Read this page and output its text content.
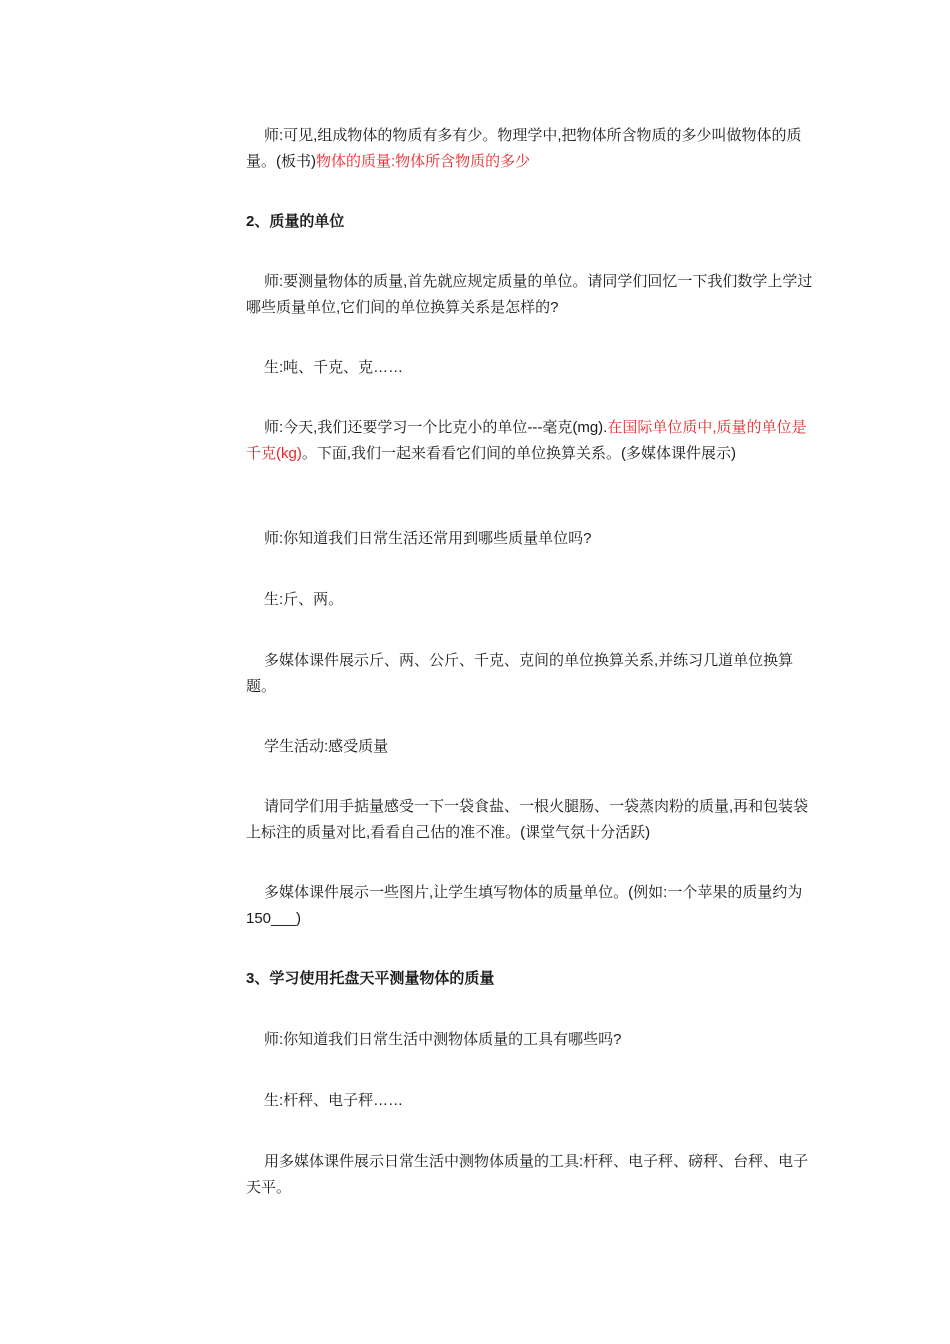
师:可见,组成物体的物质有多有少。物理学中,把物体所含物质的多少叫做物体的质量。(板书)物体的质量:物体所含物质的多少

2、质量的单位

师:要测量物体的质量,首先就应规定质量的单位。请同学们回忆一下我们数学上学过哪些质量单位,它们间的单位换算关系是怎样的?

生:吨、千克、克……

师:今天,我们还要学习一个比克小的单位---毫克(mg).在国际单位质中,质量的单位是千克(kg)。下面,我们一起来看看它们间的单位换算关系。(多媒体课件展示)

师:你知道我们日常生活还常用到哪些质量单位吗?

生:斤、两。

多媒体课件展示斤、两、公斤、千克、克间的单位换算关系,并练习几道单位换算题。

学生活动:感受质量

请同学们用手掂量感受一下一袋食盐、一根火腿肠、一袋蒸肉粉的质量,再和包装袋上标注的质量对比,看看自己估的准不准。(课堂气氛十分活跃)

多媒体课件展示一些图片,让学生填写物体的质量单位。(例如:一个苹果的质量约为 150___)

3、学习使用托盘天平测量物体的质量

师:你知道我们日常生活中测物体质量的工具有哪些吗?

生:杆秤、电子秤……

用多媒体课件展示日常生活中测物体质量的工具:杆秤、电子秤、磅秤、台秤、电子天平。
